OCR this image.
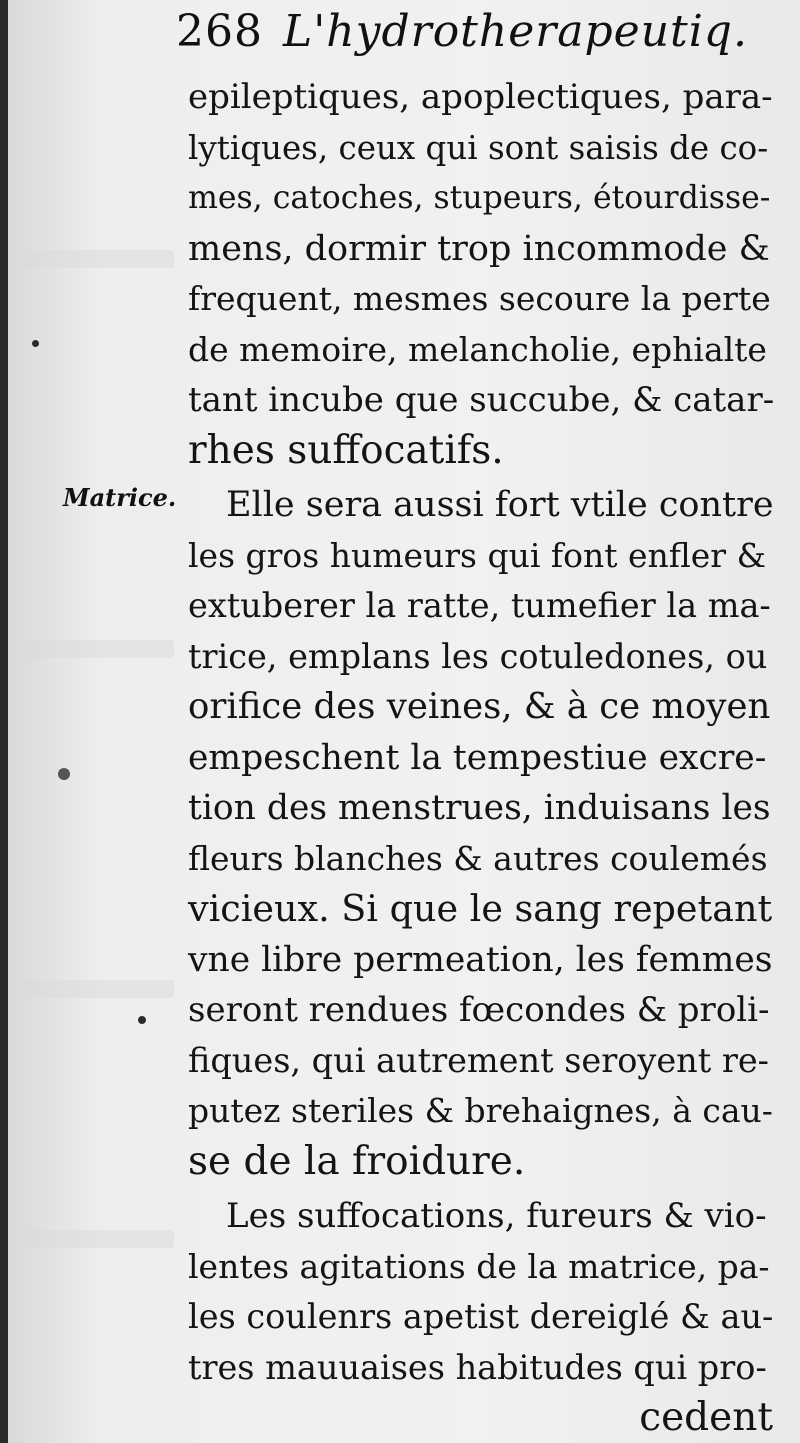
268 L'hydrotherapeutiq.
Matrice.
epileptiques, apoplectiques, para-
lytiques, ceux qui sont saisis de co-
mes, catoches, stupeurs, étourdisse-
mens, dormir trop incommode &
frequent, mesmes secoure la perte
de memoire, melancholie, ephialte
tant incube que succube, & catar-
rhes suffocatifs.
Elle sera aussi fort vtile contre
les gros humeurs qui font enfler &
extuberer la ratte, tumefier la ma-
trice, emplans les cotuledones, ou
orifice des veines, & à ce moyen
empeschent la tempestiue excre-
tion des menstrues, induisans les
fleurs blanches & autres coulemés
vicieux. Si que le sang repetant
vne libre permeation, les femmes
seront rendues fœcondes & proli-
fiques, qui autrement seroyent re-
putez steriles & brehaignes, à cau-
se de la froidure.
Les suffocations, fureurs & vio-
lentes agitations de la matrice, pa-
les coulenrs apetist dereiglé & au-
tres mauuaises habitudes qui pro-
cedent
